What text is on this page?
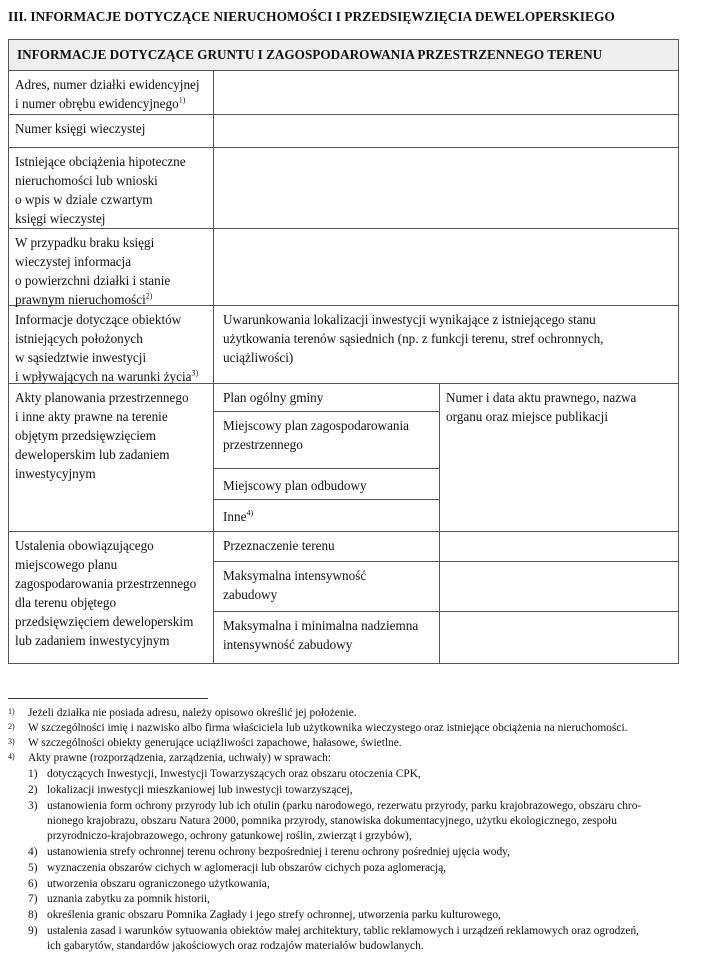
III. INFORMACJE DOTYCZĄCE NIERUCHOMOŚCI I PRZEDSIĘWZIĘCIA DEWELOPERSKIEGO
INFORMACJE DOTYCZĄCE GRUNTU I ZAGOSPODAROWANIA PRZESTRZENNEGO TERENU
Adres, numer działki ewidencyjnej
i numer obrębu ewidencyjnego$^{1)}$
Numer księgi wieczystej
Istniejące obciążenia hipoteczne
nieruchomości lub wnioski
o wpis w dziale czwartym
księgi wieczystej
W przypadku braku księgi
wieczystej informacja
o powierzchni działki i stanie
prawnym nieruchomości$^{2)}$
Informacje dotyczące obiektów
istniejących położonych
w sąsiedztwie inwestycji
i wpływających na warunki życia$^{3)}$
Uwarunkowania lokalizacji inwestycji wynikające z istniejącego stanu
użytkowania terenów sąsiednich (np. z funkcji terenu, stref ochronnych,
uciążliwości)
Akty planowania przestrzennego
i inne akty prawne na terenie
objętym przedsięwzięciem
deweloperskim lub zadaniem
inwestycyjnym
Plan ogólny gminy
Miejscowy plan zagospodarowania
przestrzennego
Miejscowy plan odbudowy
Inne$^{4)}$
Numer i data aktu prawnego, nazwa
organu oraz miejsce publikacji
Ustalenia obowiązującego
miejscowego planu
zagospodarowania przestrzennego
dla terenu objętego
przedsięwzięciem deweloperskim
lub zadaniem inwestycyjnym
Przeznaczenie terenu
Maksymalna intensywność
zabudowy
Maksymalna i minimalna nadziemna
intensywność zabudowy
1) Jeżeli działka nie posiada adresu, należy opisowo określić jej położenie.
2) W szczególności imię i nazwisko albo firma właściciela lub użytkownika wieczystego oraz istniejące obciążenia na nieruchomości.
3) W szczególności obiekty generujące uciążliwości zapachowe, hałasowe, świetlne.
4) Akty prawne (rozporządzenia, zarządzenia, uchwały) w sprawach:
1) dotyczących Inwestycji, Inwestycji Towarzyszących oraz obszaru otoczenia CPK,
2) lokalizacji inwestycji mieszkaniowej lub inwestycji towarzyszącej,
3) ustanowienia form ochrony przyrody lub ich otulin (parku narodowego, rezerwatu przyrody, parku krajobrazowego, obszaru chro-
nionego krajobrazu, obszaru Natura 2000, pomnika przyrody, stanowiska dokumentacyjnego, użytku ekologicznego, zespołu
przyrodniczo-krajobrazowego, ochrony gatunkowej roślin, zwierząt i grzybów),
4) ustanowienia strefy ochronnej terenu ochrony bezpośredniej i terenu ochrony pośredniej ujęcia wody,
5) wyznaczenia obszarów cichych w aglomeracji lub obszarów cichych poza aglomeracją,
6) utworzenia obszaru ograniczonego użytkowania,
7) uznania zabytku za pomnik historii,
8) określenia granic obszaru Pomnika Zagłady i jego strefy ochronnej, utworzenia parku kulturowego,
9) ustalenia zasad i warunków sytuowania obiektów małej architektury, tablic reklamowych i urządzeń reklamowych oraz ogrodzeń,
ich gabarytów, standardów jakościowych oraz rodzajów materiałów budowlanych.
